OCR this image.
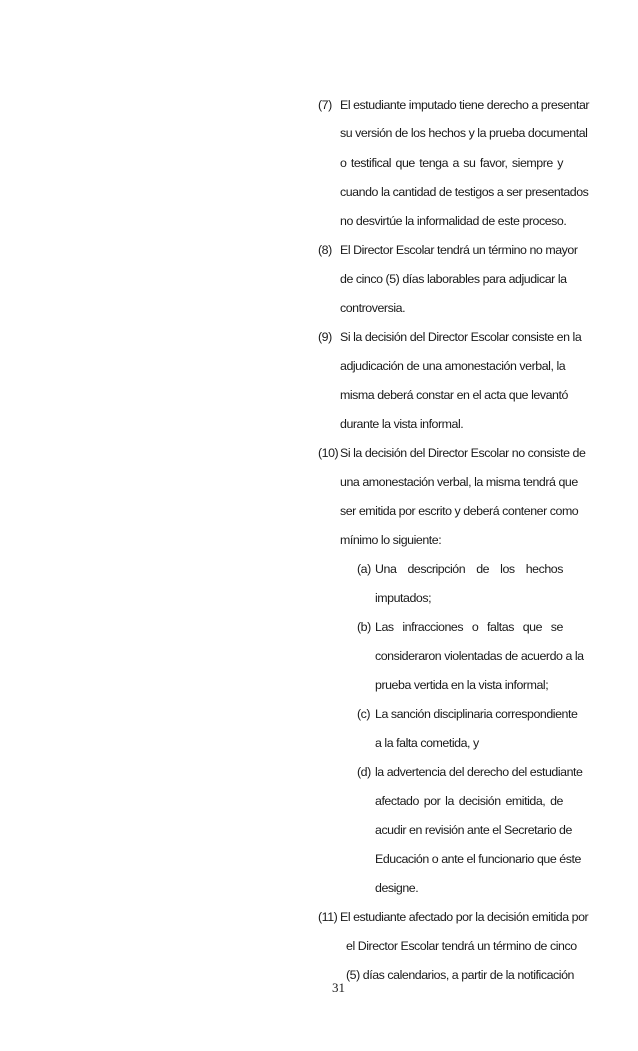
(7) El estudiante imputado tiene derecho a presentar
su versión de los hechos y la prueba documental
o testifical que tenga a su favor, siempre y
cuando la cantidad de testigos a ser presentados
no desvirtúe la informalidad de este proceso.
(8) El Director Escolar tendrá un término no mayor
de cinco (5) días laborables para adjudicar la
controversia.
(9) Si la decisión del Director Escolar consiste en la
adjudicación de una amonestación verbal, la
misma deberá constar en el acta que levantó
durante la vista informal.
(10) Si la decisión del Director Escolar no consiste de
una amonestación verbal, la misma tendrá que
ser emitida por escrito y deberá contener como
mínimo lo siguiente:
(a) Una descripción de los hechos
imputados;
(b) Las infracciones o faltas que se
consideraron violentadas de acuerdo a la
prueba vertida en la vista informal;
(c) La sanción disciplinaria correspondiente
a la falta cometida, y
(d) la advertencia del derecho del estudiante
afectado por la decisión emitida, de
acudir en revisión ante el Secretario de
Educación o ante el funcionario que éste
designe.
(11) El estudiante afectado por la decisión emitida por
el Director Escolar tendrá un término de cinco
(5) días calendarios, a partir de la notificación
31
